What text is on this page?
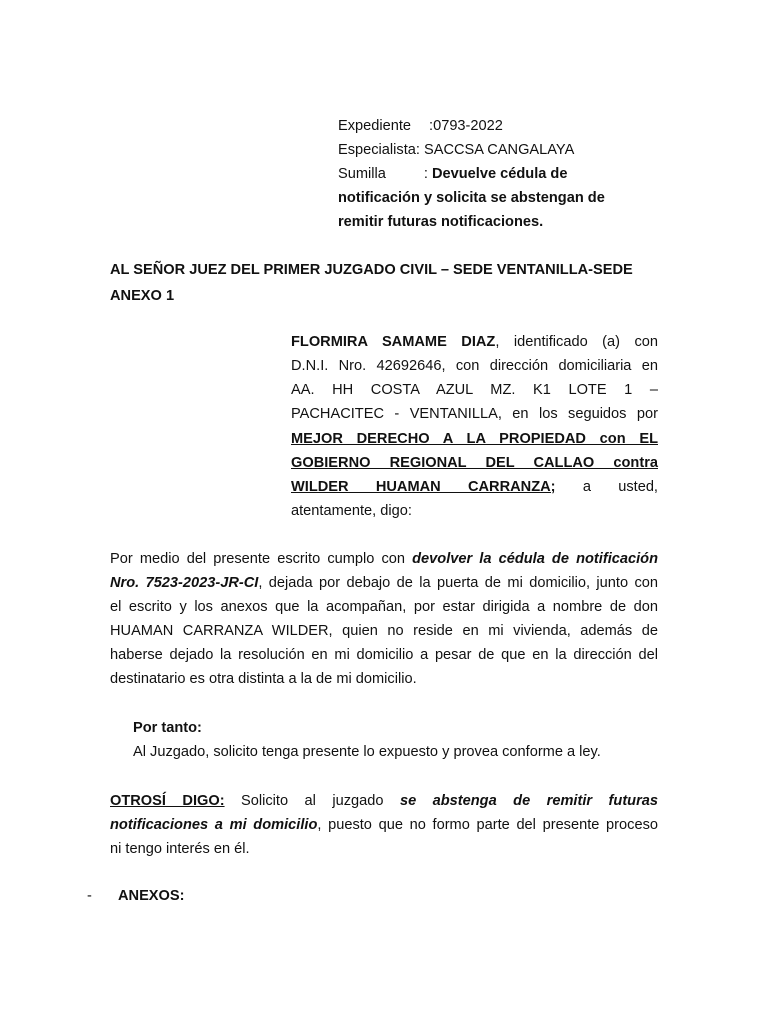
Expediente :0793-2022
Especialista: SACCSA CANGALAYA
Sumilla	: Devuelve cédula de
notificación y solicita se abstengan de
remitir futuras notificaciones.
AL SEÑOR JUEZ DEL PRIMER JUZGADO CIVIL – SEDE VENTANILLA-SEDE
ANEXO 1
FLORMIRA SAMAME DIAZ, identificado (a) con
D.N.I. Nro. 42692646, con dirección domiciliaria en
AA. HH COSTA AZUL MZ. K1 LOTE 1 –
PACHACITEC - VENTANILLA, en los seguidos por
MEJOR DERECHO A LA PROPIEDAD con EL
GOBIERNO REGIONAL DEL CALLAO contra
WILDER HUAMAN CARRANZA; a usted,
atentamente, digo:
Por medio del presente escrito cumplo con devolver la cédula de notificación
Nro. 7523-2023-JR-CI, dejada por debajo de la puerta de mi domicilio, junto con
el escrito y los anexos que la acompañan, por estar dirigida a nombre de don
HUAMAN CARRANZA WILDER, quien no reside en mi vivienda, además de
haberse dejado la resolución en mi domicilio a pesar de que en la dirección del
destinatario es otra distinta a la de mi domicilio.
Por tanto:
Al Juzgado, solicito tenga presente lo expuesto y provea conforme a ley.
OTROSÍ DIGO: Solicito al juzgado se abstenga de remitir futuras
notificaciones a mi domicilio, puesto que no formo parte del presente proceso
ni tengo interés en él.
- ANEXOS:
